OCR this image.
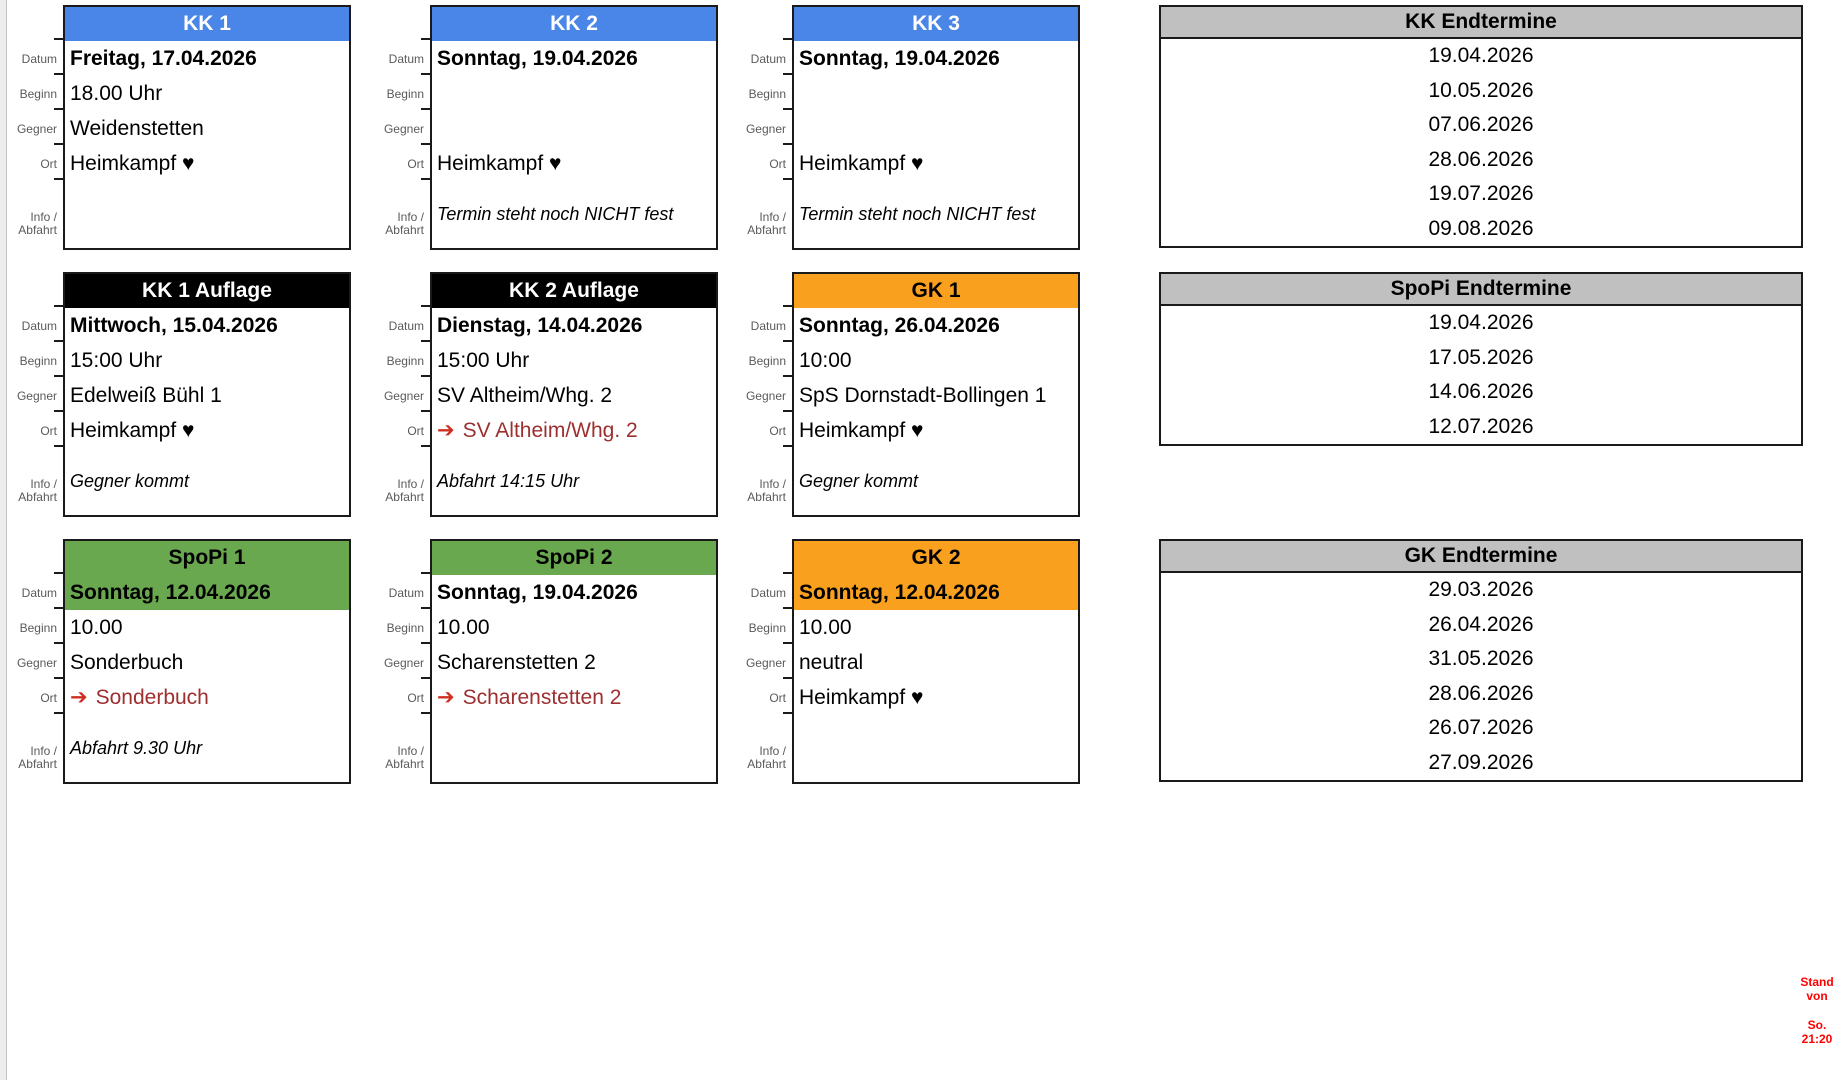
Datum
Beginn
Gegner
Ort
Info /
Abfahrt
KK 1
Freitag, 17.04.2026
18.00 Uhr
Weidenstetten
Heimkampf ♥
Datum
Beginn
Gegner
Ort
Info /
Abfahrt
KK 2
Sonntag, 19.04.2026
Heimkampf ♥
Termin steht noch NICHT fest
Datum
Beginn
Gegner
Ort
Info /
Abfahrt
KK 3
Sonntag, 19.04.2026
Heimkampf ♥
Termin steht noch NICHT fest
KK Endtermine
19.04.2026
10.05.2026
07.06.2026
28.06.2026
19.07.2026
09.08.2026
Datum
Beginn
Gegner
Ort
Info /
Abfahrt
KK 1 Auflage
Mittwoch, 15.04.2026
15:00 Uhr
Edelweiß Bühl 1
Heimkampf ♥
Gegner kommt
Datum
Beginn
Gegner
Ort
Info /
Abfahrt
KK 2 Auflage
Dienstag, 14.04.2026
15:00 Uhr
SV Altheim/Whg. 2
➔ SV Altheim/Whg. 2
Abfahrt 14:15 Uhr
Datum
Beginn
Gegner
Ort
Info /
Abfahrt
GK 1
Sonntag, 26.04.2026
10:00
SpS Dornstadt-Bollingen 1
Heimkampf ♥
Gegner kommt
SpoPi Endtermine
19.04.2026
17.05.2026
14.06.2026
12.07.2026
Datum
Beginn
Gegner
Ort
Info /
Abfahrt
SpoPi 1
Sonntag, 12.04.2026
10.00
Sonderbuch
➔ Sonderbuch
Abfahrt 9.30 Uhr
Datum
Beginn
Gegner
Ort
Info /
Abfahrt
SpoPi 2
Sonntag, 19.04.2026
10.00
Scharenstetten 2
➔ Scharenstetten 2
Datum
Beginn
Gegner
Ort
Info /
Abfahrt
GK 2
Sonntag, 12.04.2026
10.00
neutral
Heimkampf ♥
GK Endtermine
29.03.2026
26.04.2026
31.05.2026
28.06.2026
26.07.2026
27.09.2026
Stand von
So. 21:20
